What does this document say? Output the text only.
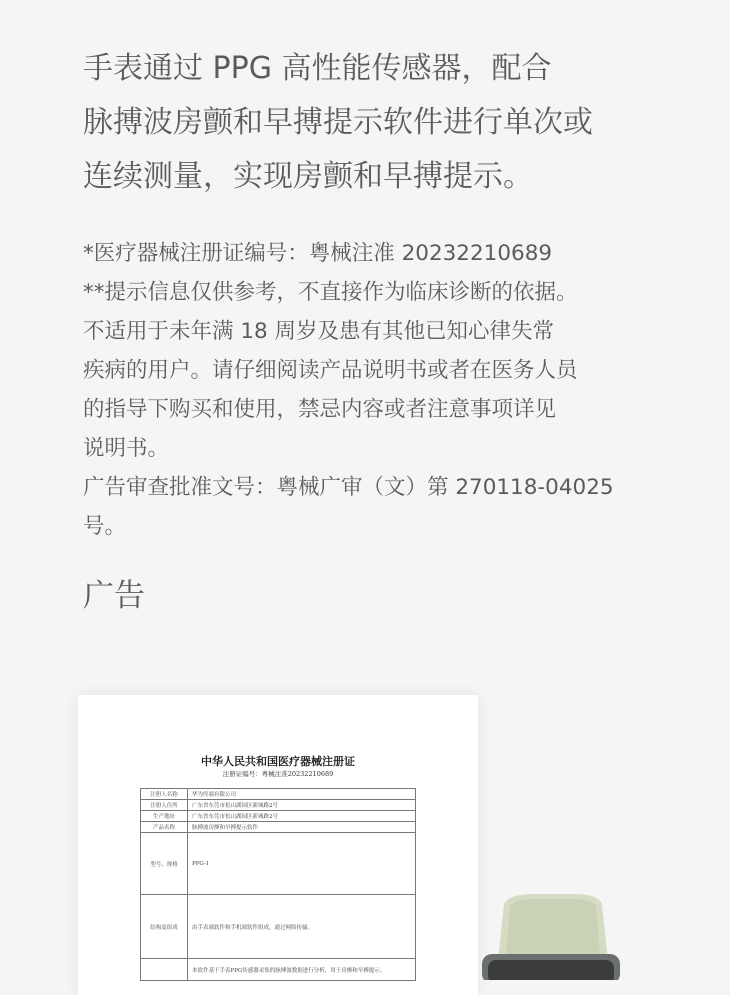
手表通过 PPG 高性能传感器，配合
脉搏波房颤和早搏提示软件进行单次或
连续测量，实现房颤和早搏提示。
*医疗器械注册证编号：粤械注准 20232210689
**提示信息仅供参考，不直接作为临床诊断的依据。
不适用于未年满 18 周岁及患有其他已知心律失常
疾病的用户。请仔细阅读产品说明书或者在医务人员
的指导下购买和使用，禁忌内容或者注意事项详见
说明书。
广告审查批准文号：粤械广审（文）第 270118-04025
号。
广告
中华人民共和国医疗器械注册证
注册证编号：粤械注准20232210689
注册人名称	华为终端有限公司
注册人住所	广东省东莞市松山湖园区新城路2号
生产地址	广东省东莞市松山湖园区新城路2号
产品名称	脉搏波房颤和早搏提示软件
型号、规格	PPG-1
结构及组成	由手表端软件和手机端软件组成，通过网络传输。
	本软件基于手表PPG传感器采集的脉搏波数据进行分析，用于房颤和早搏提示。
